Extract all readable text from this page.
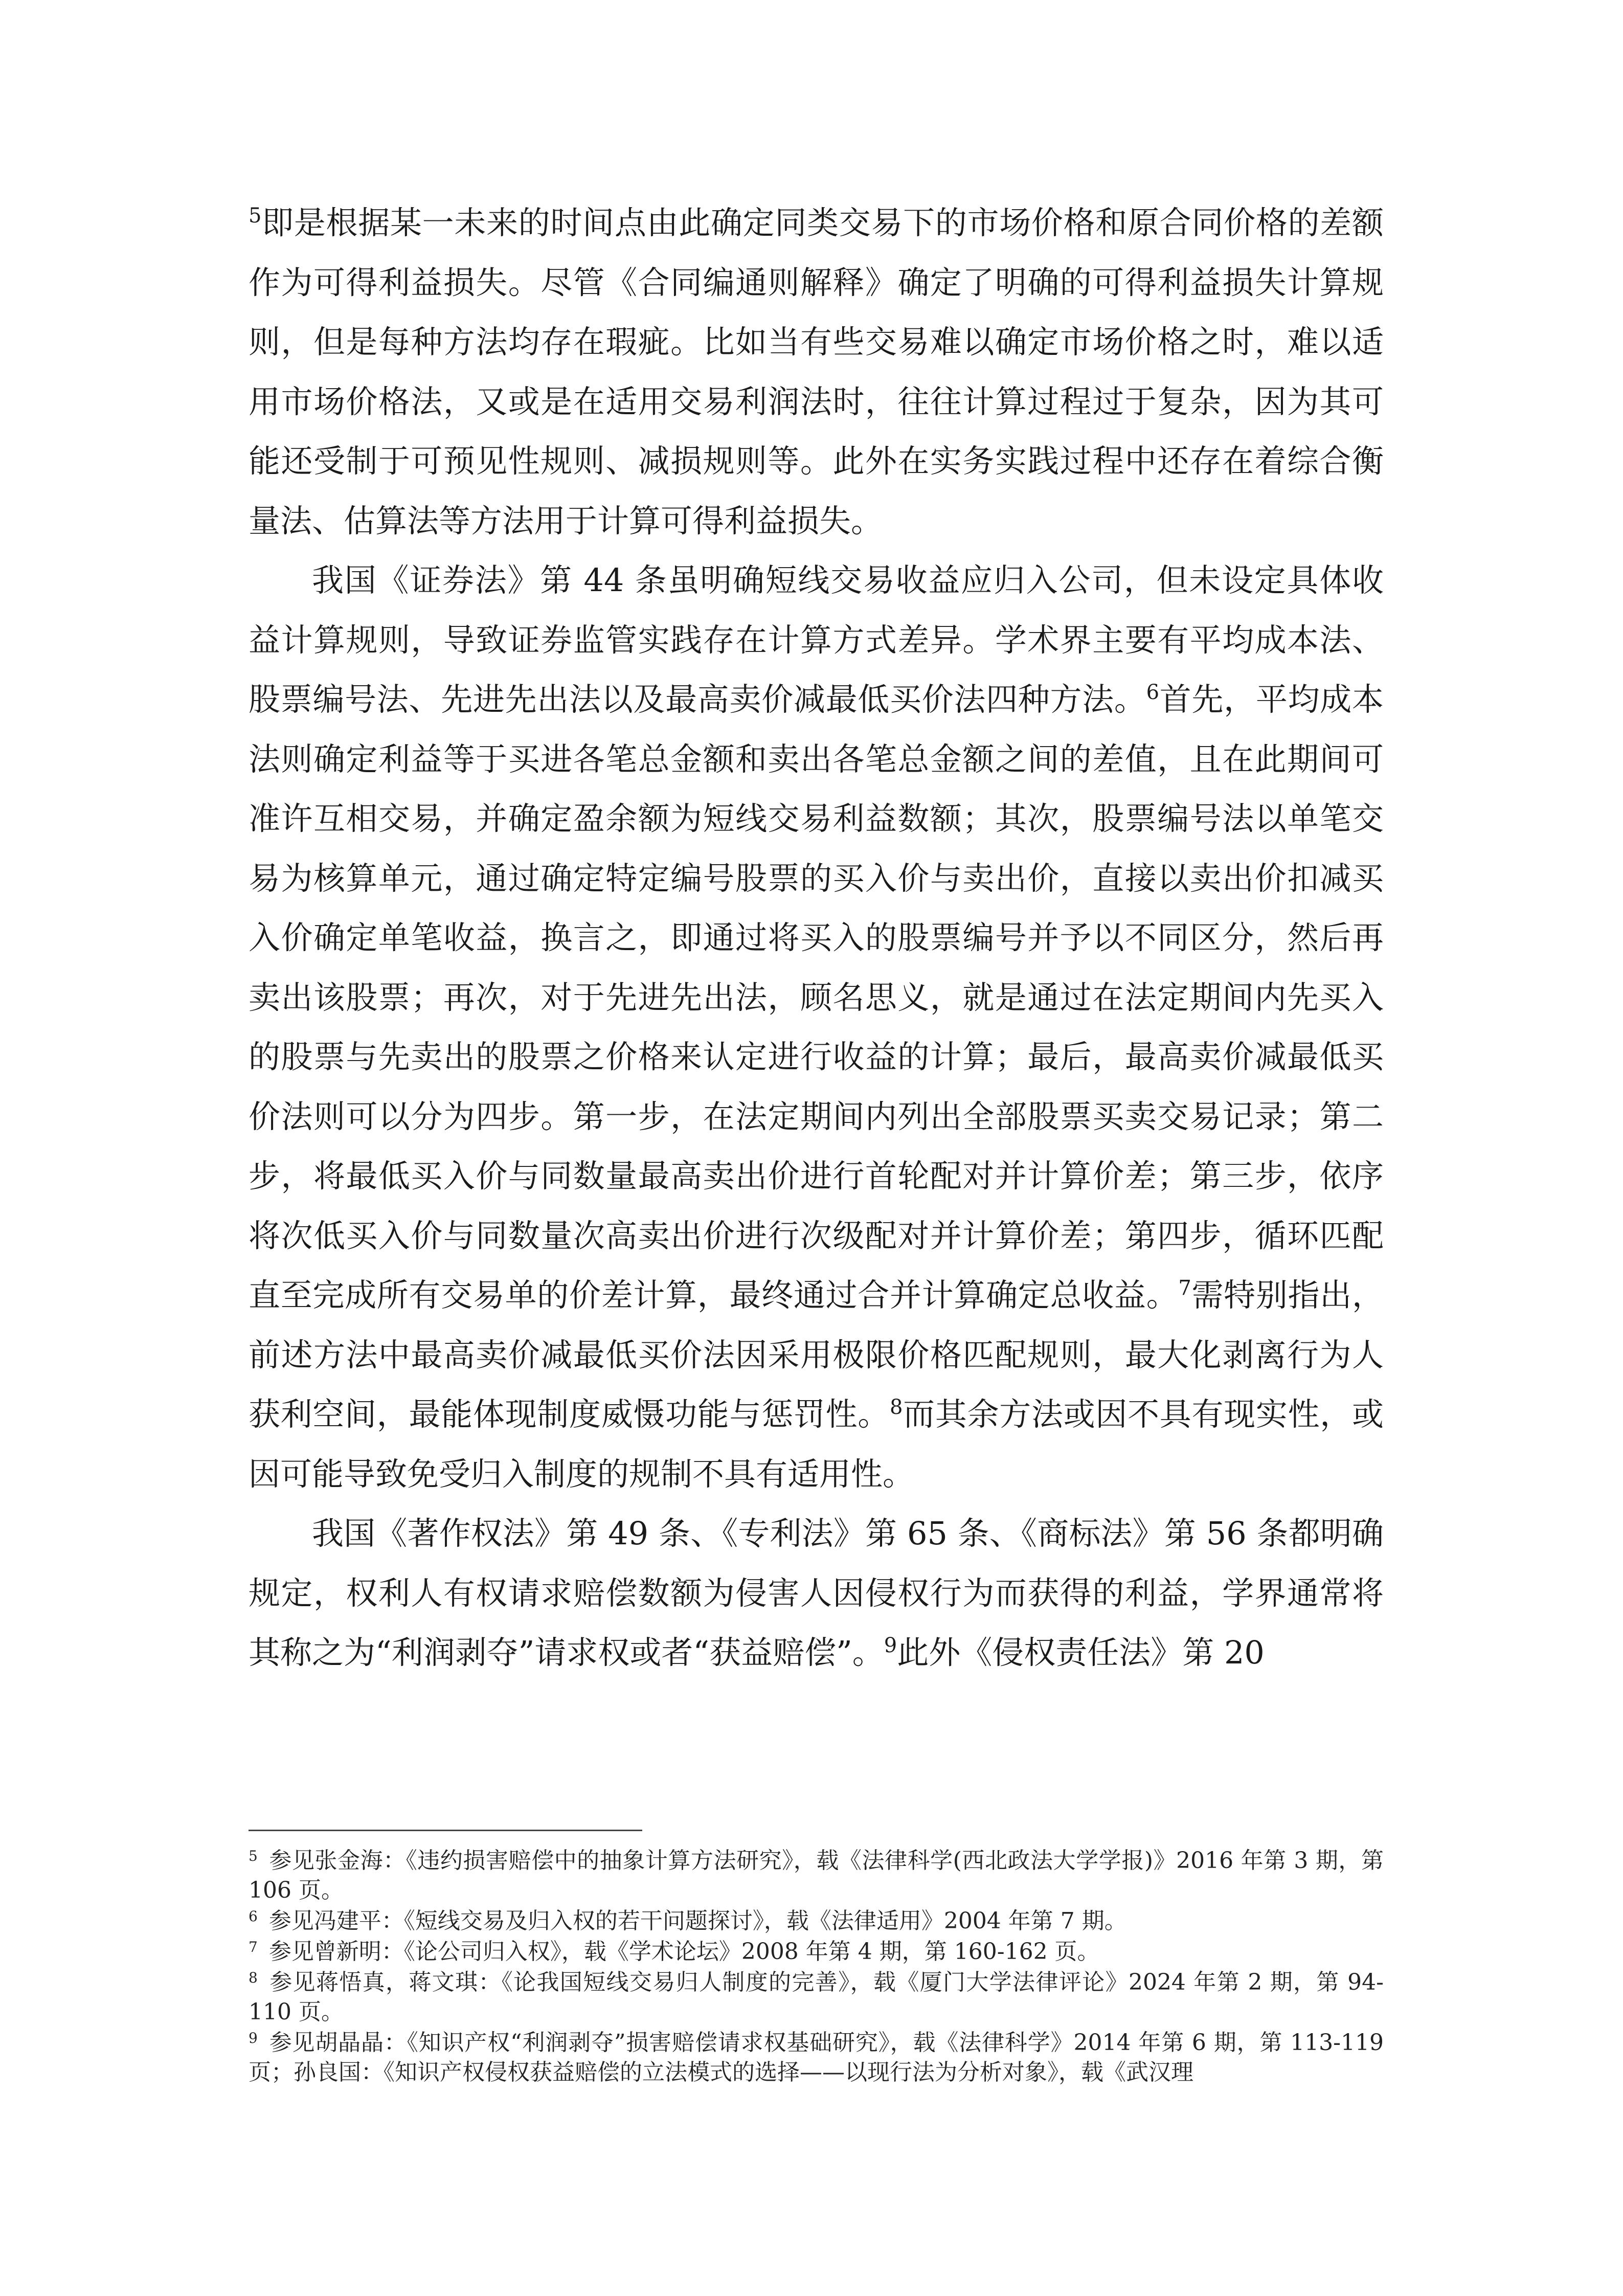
$^5$即是根据某一未来的时间点由此确定同类交易下的市场价格和原合同价格的差额作为可得利益损失。尽管《合同编通则解释》确定了明确的可得利益损失计算规则，但是每种方法均存在瑕疵。比如当有些交易难以确定市场价格之时，难以适用市场价格法，又或是在适用交易利润法时，往往计算过程过于复杂，因为其可能还受制于可预见性规则、减损规则等。此外在实务实践过程中还存在着综合衡量法、估算法等方法用于计算可得利益损失。

我国《证券法》第 44 条虽明确短线交易收益应归入公司，但未设定具体收益计算规则，导致证券监管实践存在计算方式差异。学术界主要有平均成本法、股票编号法、先进先出法以及最高卖价减最低买价法四种方法。$^6$首先，平均成本法则确定利益等于买进各笔总金额和卖出各笔总金额之间的差值，且在此期间可准许互相交易，并确定盈余额为短线交易利益数额；其次，股票编号法以单笔交易为核算单元，通过确定特定编号股票的买入价与卖出价，直接以卖出价扣减买入价确定单笔收益，换言之，即通过将买入的股票编号并予以不同区分，然后再卖出该股票；再次，对于先进先出法，顾名思义，就是通过在法定期间内先买入的股票与先卖出的股票之价格来认定进行收益的计算；最后，最高卖价减最低买价法则可以分为四步。第一步，在法定期间内列出全部股票买卖交易记录；第二步，将最低买入价与同数量最高卖出价进行首轮配对并计算价差；第三步，依序将次低买入价与同数量次高卖出价进行次级配对并计算价差；第四步，循环匹配直至完成所有交易单的价差计算，最终通过合并计算确定总收益。$^7$需特别指出，前述方法中最高卖价减最低买价法因采用极限价格匹配规则，最大化剥离行为人获利空间，最能体现制度威慑功能与惩罚性。$^8$而其余方法或因不具有现实性，或因可能导致免受归入制度的规制不具有适用性。

我国《著作权法》第 49 条、《专利法》第 65 条、《商标法》第 56 条都明确规定，权利人有权请求赔偿数额为侵害人因侵权行为而获得的利益，学界通常将其称之为“利润剥夺”请求权或者“获益赔偿”。$^9$此外《侵权责任法》第 20

$^5$ 参见张金海：《违约损害赔偿中的抽象计算方法研究》，载《法律科学(西北政法大学学报)》2016 年第 3 期，第 106 页。
$^6$ 参见冯建平：《短线交易及归入权的若干问题探讨》，载《法律适用》2004 年第 7 期。
$^7$ 参见曾新明：《论公司归入权》，载《学术论坛》2008 年第 4 期，第 160-162 页。
$^8$ 参见蒋悟真，蒋文琪：《论我国短线交易归人制度的完善》，载《厦门大学法律评论》2024 年第 2 期，第 94-110 页。
$^9$ 参见胡晶晶：《知识产权“利润剥夺”损害赔偿请求权基础研究》，载《法律科学》2014 年第 6 期，第 113-119 页；孙良国：《知识产权侵权获益赔偿的立法模式的选择——以现行法为分析对象》，载《武汉理
